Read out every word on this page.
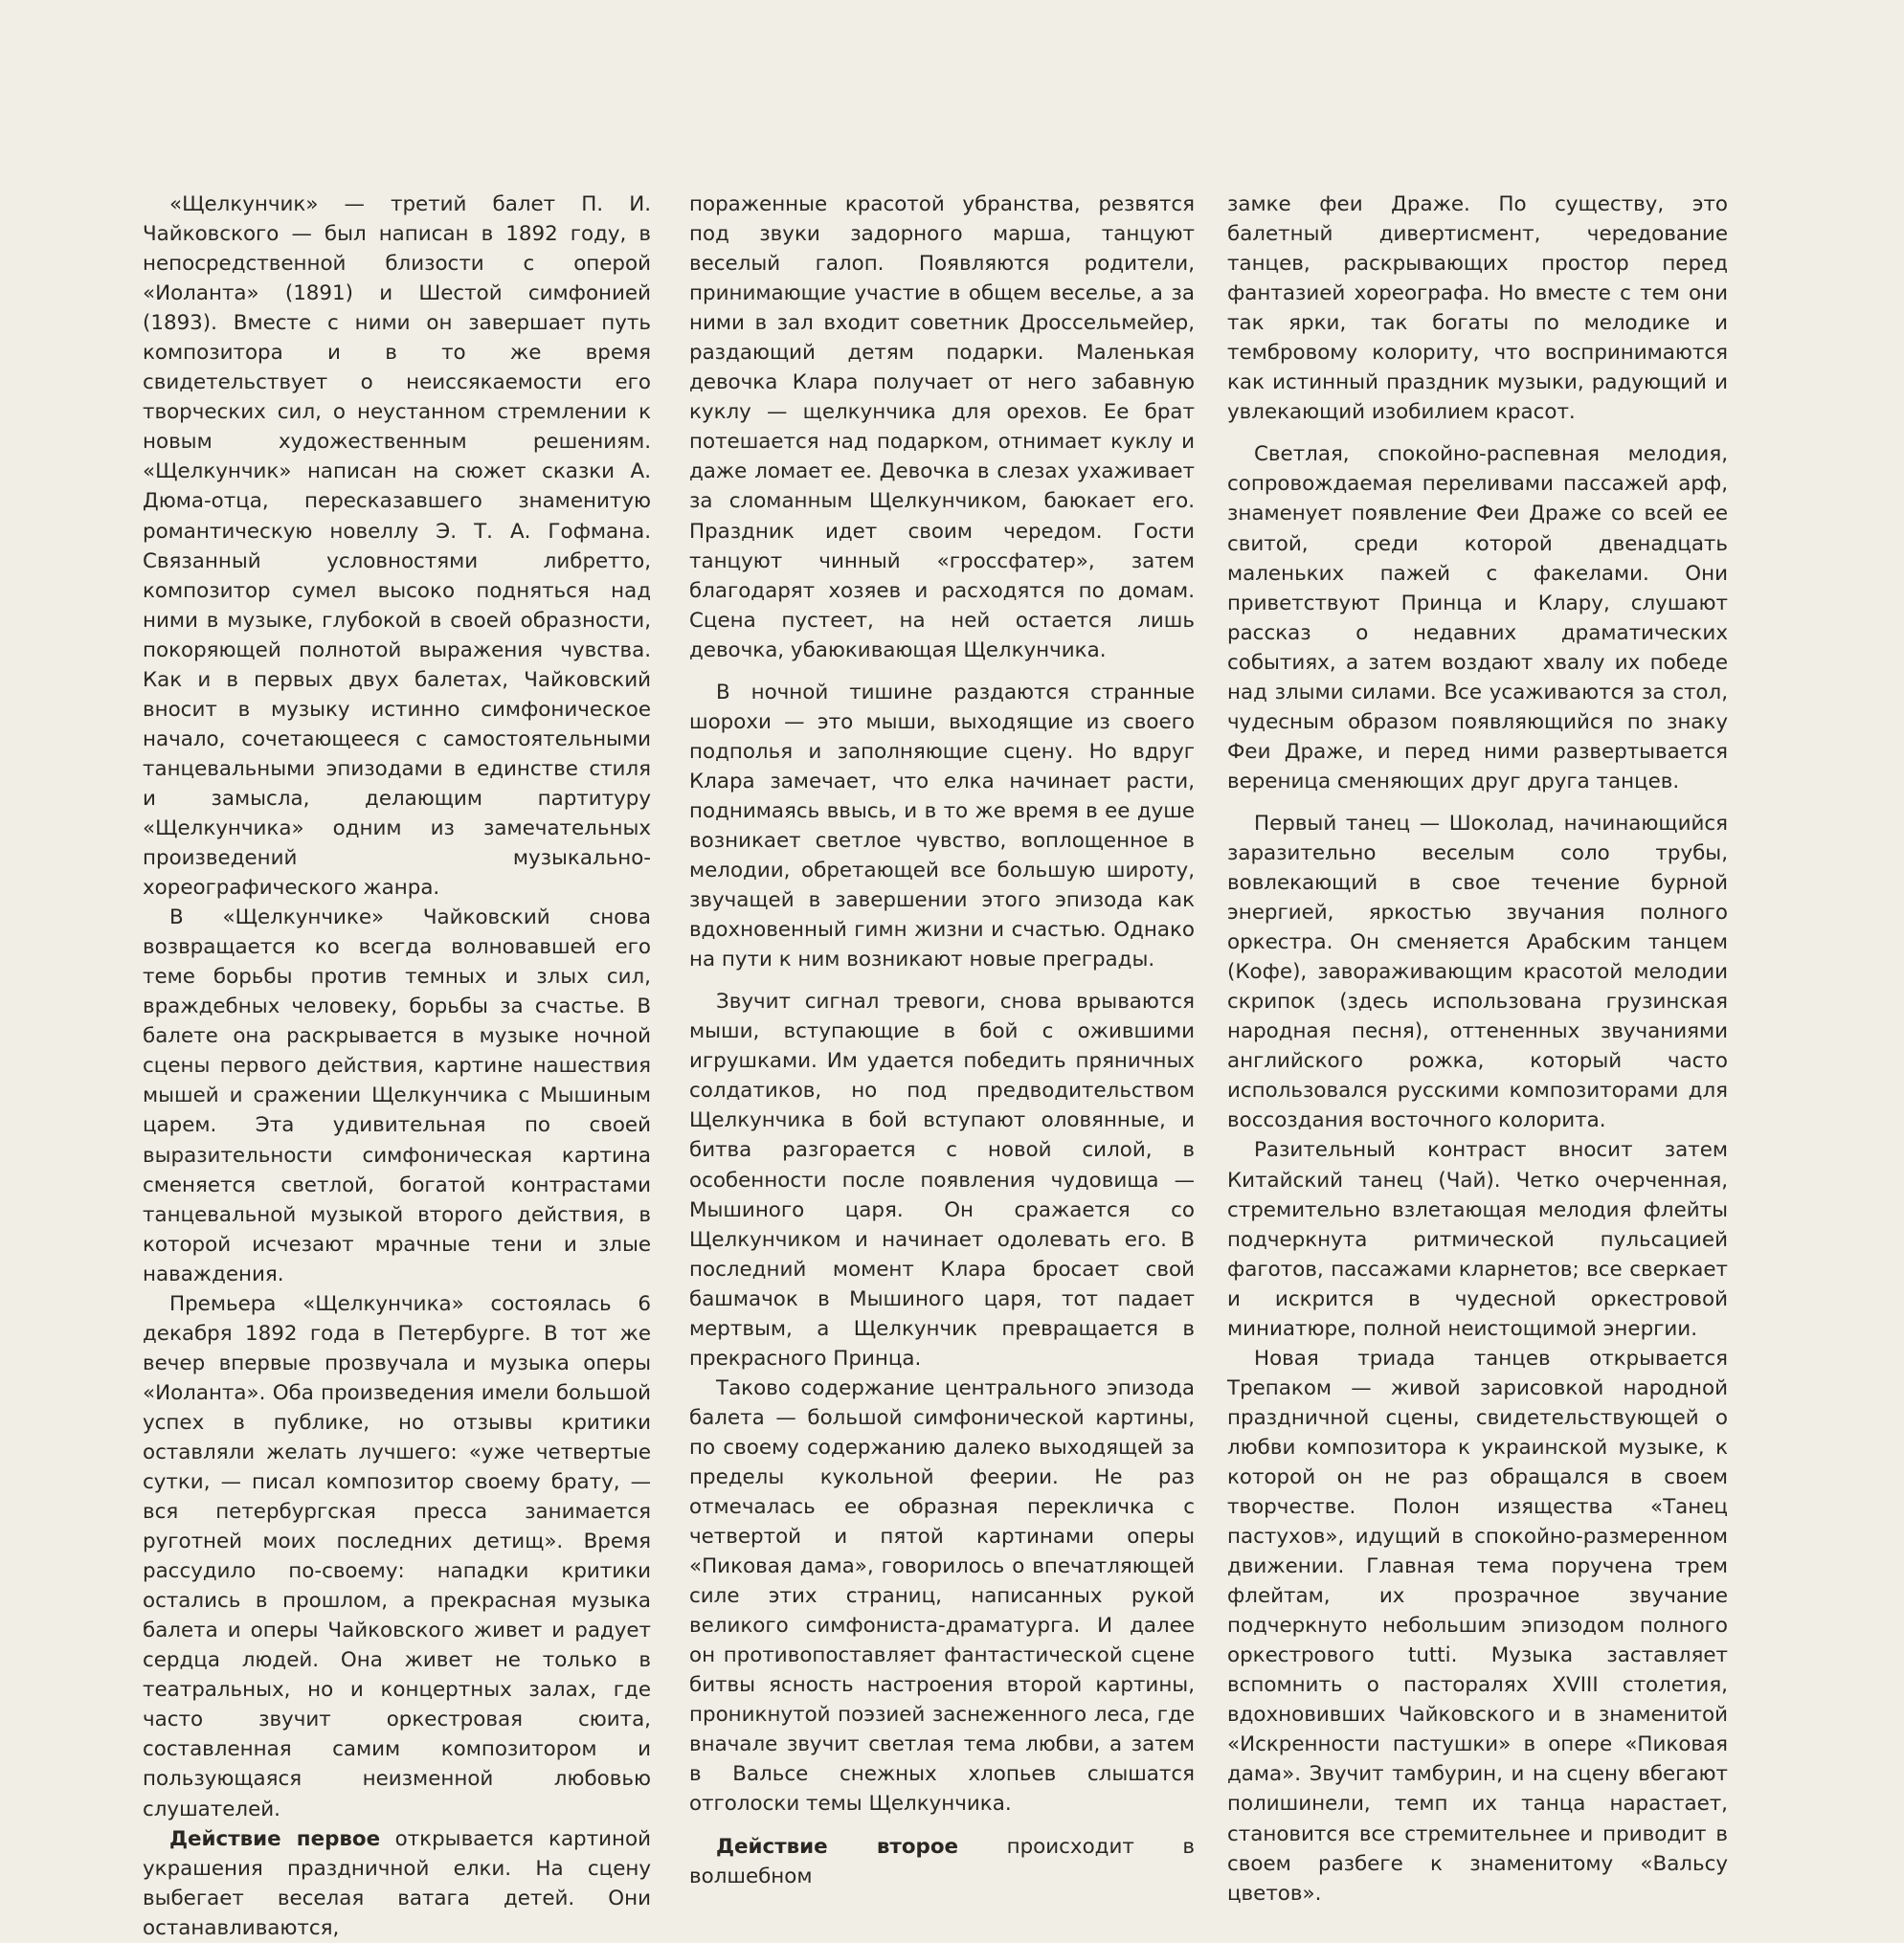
«Щелкунчик» — третий балет П. И. Чайковского — был написан в 1892 году, в непосредственной близости с оперой «Иоланта» (1891) и Шестой симфонией (1893). Вместе с ними он завершает путь композитора и в то же время свидетельствует о неиссякаемости его творческих сил, о неустанном стремлении к новым художественным решениям. «Щелкунчик» написан на сюжет сказки А. Дюма-отца, пересказавшего знаменитую романтическую новеллу Э. Т. А. Гофмана. Связанный условностями либретто, композитор сумел высоко подняться над ними в музыке, глубокой в своей образности, покоряющей полнотой выражения чувства. Как и в первых двух балетах, Чайковский вносит в музыку истинно симфоническое начало, сочетающееся с самостоятельными танцевальными эпизодами в единстве стиля и замысла, делающим партитуру «Щелкунчика» одним из замечательных произведений музыкально-хореографического жанра.

В «Щелкунчике» Чайковский снова возвращается ко всегда волновавшей его теме борьбы против темных и злых сил, враждебных человеку, борьбы за счастье. В балете она раскрывается в музыке ночной сцены первого действия, картине нашествия мышей и сражении Щелкунчика с Мышиным царем. Эта удивительная по своей выразительности симфоническая картина сменяется светлой, богатой контрастами танцевальной музыкой второго действия, в которой исчезают мрачные тени и злые наваждения.

Премьера «Щелкунчика» состоялась 6 декабря 1892 года в Петербурге. В тот же вечер впервые прозвучала и музыка оперы «Иоланта». Оба произведения имели большой успех в публике, но отзывы критики оставляли желать лучшего: «уже четвертые сутки, — писал композитор своему брату, — вся петербургская пресса занимается руготней моих последних детищ». Время рассудило по-своему: нападки критики остались в прошлом, а прекрасная музыка балета и оперы Чайковского живет и радует сердца людей. Она живет не только в театральных, но и концертных залах, где часто звучит оркестровая сюита, составленная самим композитором и пользующаяся неизменной любовью слушателей.

Действие первое открывается картиной украшения праздничной елки. На сцену выбегает веселая ватага детей. Они останавливаются,

пораженные красотой убранства, резвятся под звуки задорного марша, танцуют веселый галоп. Появляются родители, принимающие участие в общем веселье, а за ними в зал входит советник Дроссельмейер, раздающий детям подарки. Маленькая девочка Клара получает от него забавную куклу — щелкунчика для орехов. Ее брат потешается над подарком, отнимает куклу и даже ломает ее. Девочка в слезах ухаживает за сломанным Щелкунчиком, баюкает его. Праздник идет своим чередом. Гости танцуют чинный «гроссфатер», затем благодарят хозяев и расходятся по домам. Сцена пустеет, на ней остается лишь девочка, убаюкивающая Щелкунчика.

В ночной тишине раздаются странные шорохи — это мыши, выходящие из своего подполья и заполняющие сцену. Но вдруг Клара замечает, что елка начинает расти, поднимаясь ввысь, и в то же время в ее душе возникает светлое чувство, воплощенное в мелодии, обретающей все большую широту, звучащей в завершении этого эпизода как вдохновенный гимн жизни и счастью. Однако на пути к ним возникают новые преграды.

Звучит сигнал тревоги, снова врываются мыши, вступающие в бой с ожившими игрушками. Им удается победить пряничных солдатиков, но под предводительством Щелкунчика в бой вступают оловянные, и битва разгорается с новой силой, в особенности после появления чудовища — Мышиного царя. Он сражается со Щелкунчиком и начинает одолевать его. В последний момент Клара бросает свой башмачок в Мышиного царя, тот падает мертвым, а Щелкунчик превращается в прекрасного Принца.

Таково содержание центрального эпизода балета — большой симфонической картины, по своему содержанию далеко выходящей за пределы кукольной феерии. Не раз отмечалась ее образная перекличка с четвертой и пятой картинами оперы «Пиковая дама», говорилось о впечатляющей силе этих страниц, написанных рукой великого симфониста-драматурга. И далее он противопоставляет фантастической сцене битвы ясность настроения второй картины, проникнутой поэзией заснеженного леса, где вначале звучит светлая тема любви, а затем в Вальсе снежных хлопьев слышатся отголоски темы Щелкунчика.

Действие второе происходит в волшебном

замке феи Драже. По существу, это балетный дивертисмент, чередование танцев, раскрывающих простор перед фантазией хореографа. Но вместе с тем они так ярки, так богаты по мелодике и тембровому колориту, что воспринимаются как истинный праздник музыки, радующий и увлекающий изобилием красот.

Светлая, спокойно-распевная мелодия, сопровождаемая переливами пассажей арф, знаменует появление Феи Драже со всей ее свитой, среди которой двенадцать маленьких пажей с факелами. Они приветствуют Принца и Клару, слушают рассказ о недавних драматических событиях, а затем воздают хвалу их победе над злыми силами. Все усаживаются за стол, чудесным образом появляющийся по знаку Феи Драже, и перед ними развертывается вереница сменяющих друг друга танцев.

Первый танец — Шоколад, начинающийся заразительно веселым соло трубы, вовлекающий в свое течение бурной энергией, яркостью звучания полного оркестра. Он сменяется Арабским танцем (Кофе), завораживающим красотой мелодии скрипок (здесь использована грузинская народная песня), оттененных звучаниями английского рожка, который часто использовался русскими композиторами для воссоздания восточного колорита.

Разительный контраст вносит затем Китайский танец (Чай). Четко очерченная, стремительно взлетающая мелодия флейты подчеркнута ритмической пульсацией фаготов, пассажами кларнетов; все сверкает и искрится в чудесной оркестровой миниатюре, полной неистощимой энергии.

Новая триада танцев открывается Трепаком — живой зарисовкой народной праздничной сцены, свидетельствующей о любви композитора к украинской музыке, к которой он не раз обращался в своем творчестве. Полон изящества «Танец пастухов», идущий в спокойно-размеренном движении. Главная тема поручена трем флейтам, их прозрачное звучание подчеркнуто небольшим эпизодом полного оркестрового tutti. Музыка заставляет вспомнить о пасторалях XVIII столетия, вдохновивших Чайковского и в знаменитой «Искренности пастушки» в опере «Пиковая дама». Звучит тамбурин, и на сцену вбегают полишинели, темп их танца нарастает, становится все стремительнее и приводит в своем разбеге к знаменитому «Вальсу цветов».
